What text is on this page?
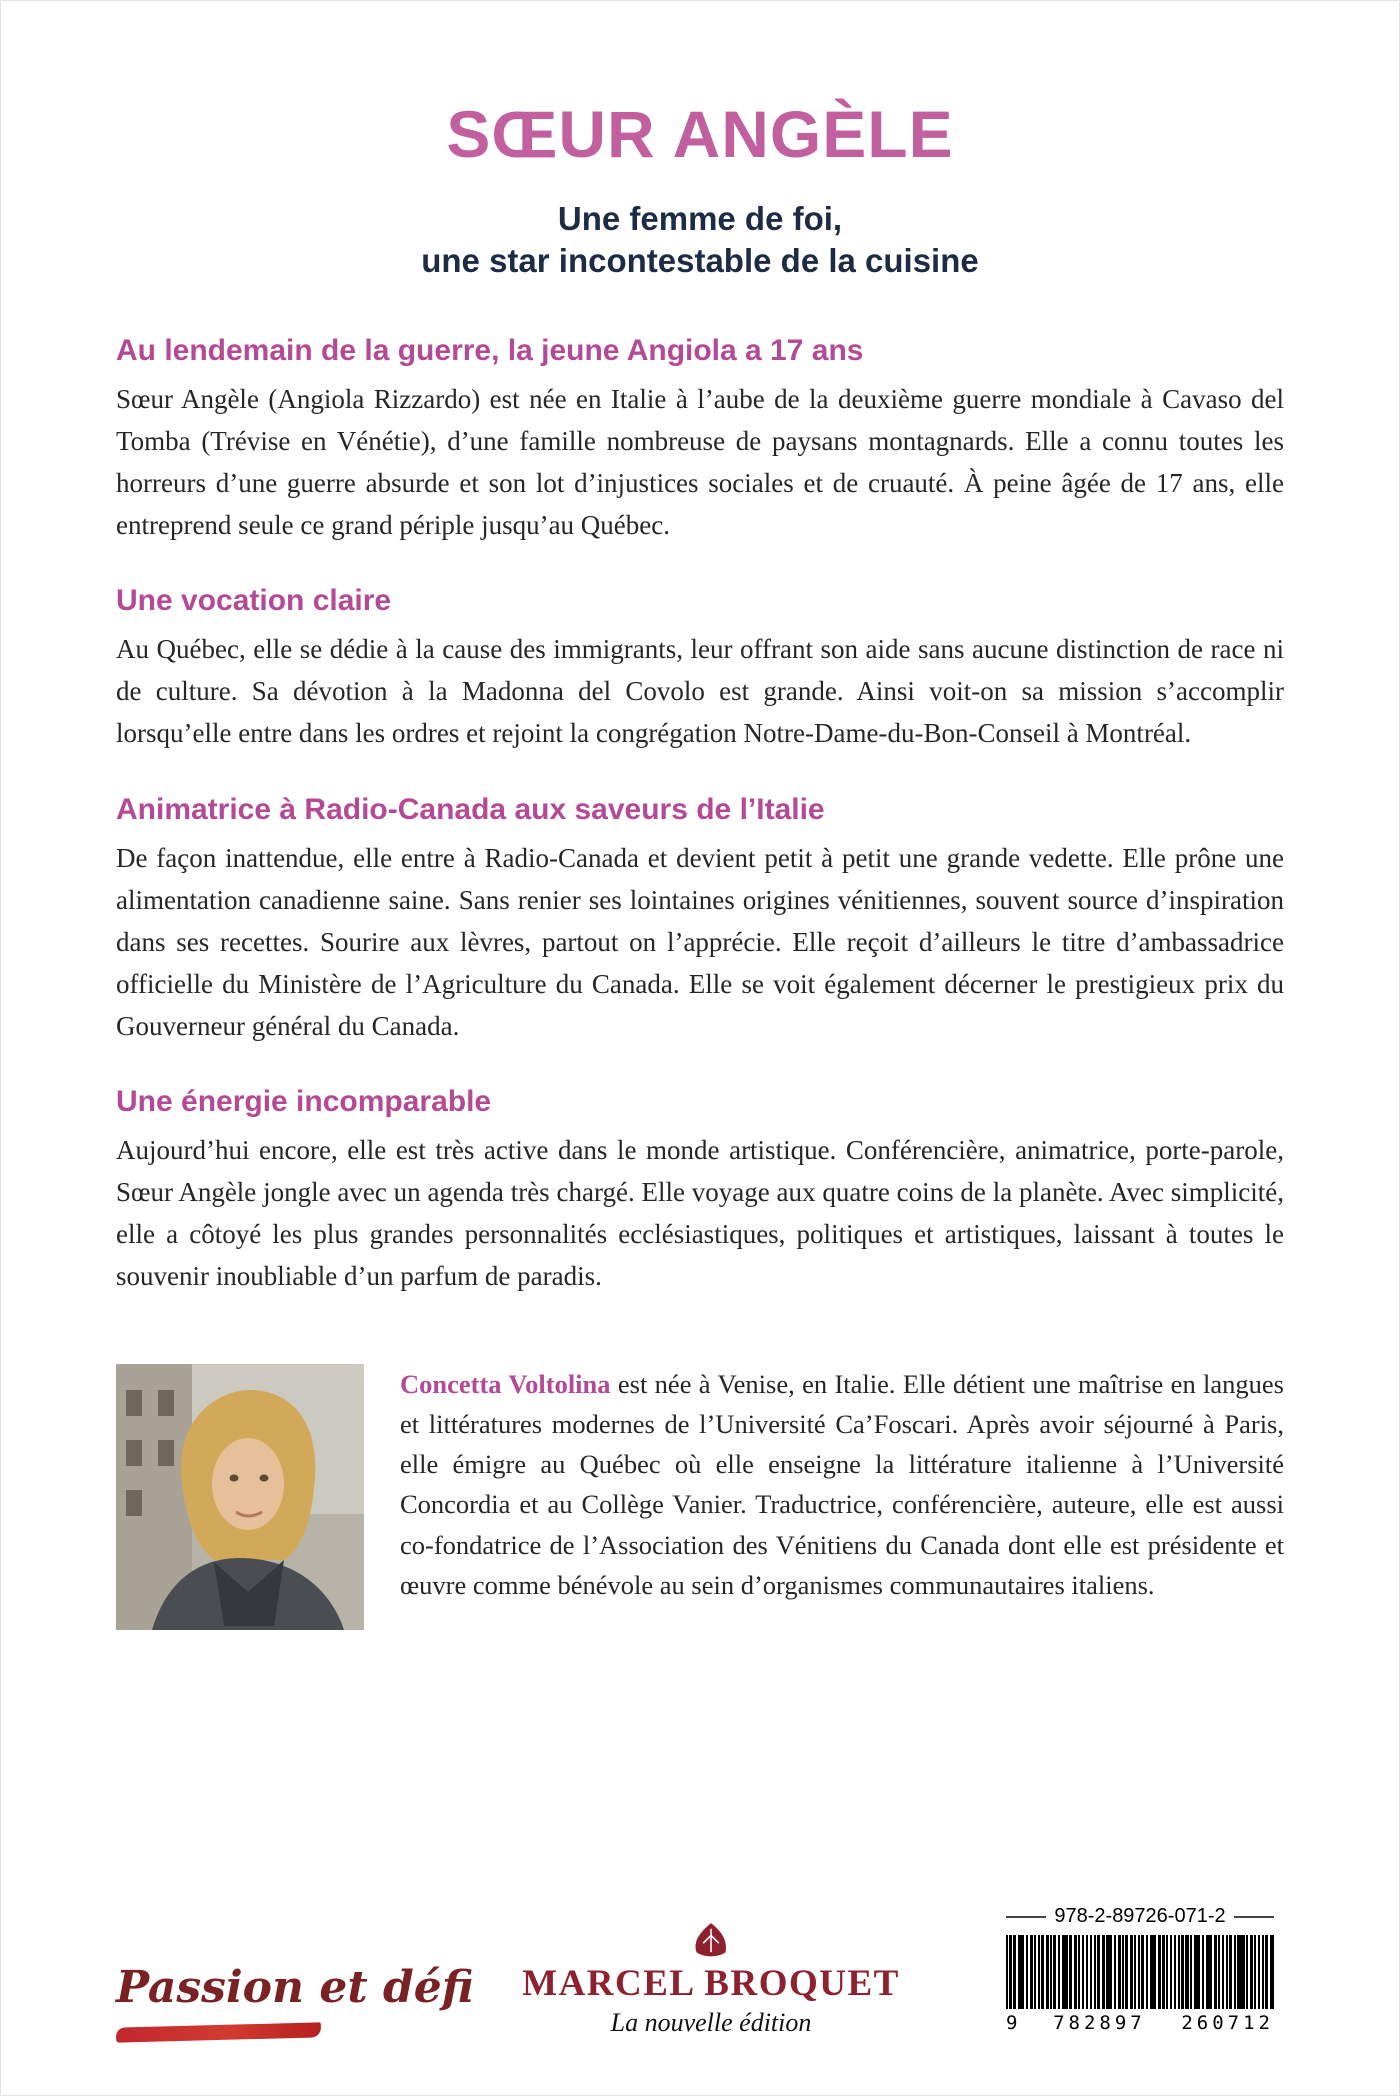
SŒUR ANGÈLE
Une femme de foi,
une star incontestable de la cuisine
Au lendemain de la guerre, la jeune Angiola a 17 ans

Sœur Angèle (Angiola Rizzardo) est née en Italie à l’aube de la deuxième guerre mondiale à Cavaso del Tomba (Trévise en Vénétie), d’une famille nombreuse de paysans montagnards. Elle a connu toutes les horreurs d’une guerre absurde et son lot d’injustices sociales et de cruauté. À peine âgée de 17 ans, elle entreprend seule ce grand périple jusqu’au Québec.

Une vocation claire

Au Québec, elle se dédie à la cause des immigrants, leur offrant son aide sans aucune distinction de race ni de culture. Sa dévotion à la Madonna del Covolo est grande. Ainsi voit-on sa mission s’accomplir lorsqu’elle entre dans les ordres et rejoint la congrégation Notre-Dame-du-Bon-Conseil à Montréal.

Animatrice à Radio-Canada aux saveurs de l’Italie

De façon inattendue, elle entre à Radio-Canada et devient petit à petit une grande vedette. Elle prône une alimentation canadienne saine. Sans renier ses lointaines origines vénitiennes, souvent source d’inspiration dans ses recettes. Sourire aux lèvres, partout on l’apprécie. Elle reçoit d’ailleurs le titre d’ambassadrice officielle du Ministère de l’Agriculture du Canada. Elle se voit également décerner le prestigieux prix du Gouverneur général du Canada.

Une énergie incomparable

Aujourd’hui encore, elle est très active dans le monde artistique. Conférencière, animatrice, porte-parole, Sœur Angèle jongle avec un agenda très chargé. Elle voyage aux quatre coins de la planète. Avec simplicité, elle a côtoyé les plus grandes personnalités ecclésiastiques, politiques et artistiques, laissant à toutes le souvenir inoubliable d’un parfum de paradis.

Concetta Voltolina est née à Venise, en Italie. Elle détient une maîtrise en langues et littératures modernes de l’Université Ca’Foscari. Après avoir séjourné à Paris, elle émigre au Québec où elle enseigne la littérature italienne à l’Université Concordia et au Collège Vanier. Traductrice, conférencière, auteure, elle est aussi co-fondatrice de l’Association des Vénitiens du Canada dont elle est présidente et œuvre comme bénévole au sein d’organismes communautaires italiens.

Passion et défi MARCEL BROQUET
La nouvelle édition
978-2-89726-071-2
9 782897 260712
